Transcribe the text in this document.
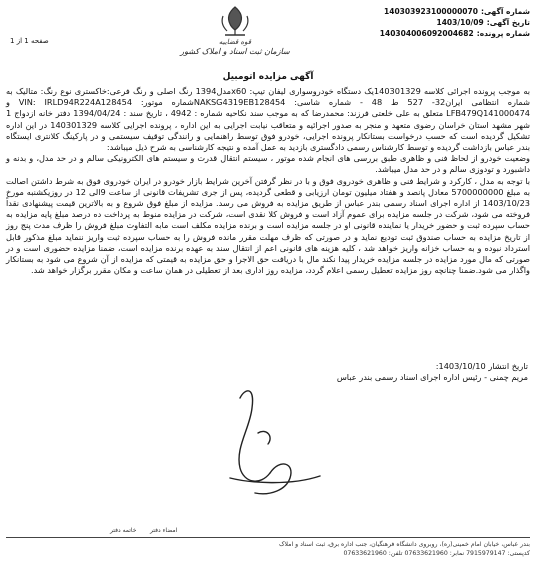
شماره آگهی:
140303923100000070
تاریخ آگهی:
1403/10/09
شماره پرونده:
140304006092004682
صفحه 1 از 1	قوه قضاییه
سازمان ثبت اسناد و املاک کشور
آگهی مزایده اتومبیل

به موجب پرونده اجرائی کلاسه 140301329یک دستگاه خودروسواری لیفان تیپ: x60مدل1394 رنگ اصلی و رنگ فرعی:خاکستری نوع رنگ: متالیک به شماره انتظامی ایران32- 527 ط 48 - شماره شاسی: NAKSG4319EB128454شماره موتور: VIN: IRLD94R224A128454 و LFB479Q141000474 متعلق به علی خلعتی فرزند: محمدرضا که به موجب سند نکاحیه شماره : 4942 ، تاریخ سند : 1394/04/24 دفتر خانه ازدواج 1 شهر مشهد استان خراسان رضوی متعهد و منجر به صدور اجرائیه و متعاقب نیابت اجرایی به این اداره ، پرونده اجرایی کلاسه 140301329 در این اداره تشکیل گردیده است که حسب درخواست بستانکار پرونده اجرایی، خودرو فوق توسط راهنمایی و رانندگی توقیف سیستمی و در پارکینگ کلانتری ایستگاه بندر عباس بازداشت گردیده و توسط کارشناس رسمی دادگستری بازدید به عمل آمده و نتیجه کارشناسی به شرح ذیل میباشد:

وضعیت خودرو از لحاظ فنی و ظاهری طبق بررسی های انجام شده موتور ، سیستم انتقال قدرت و سیستم های الکترونیکی سالم و در حد مدل، و بدنه و داشبورد و تودوزی سالم و در حد مدل میباشد.

با توجه به مدل ، کارکرد و شرایط فنی و ظاهری خودروی فوق و با در نظر گرفتن آخرین شرایط بازار خودرو در ایران خودروی فوق به شرط داشتن اصالت به مبلغ 5700000000 معادل پانصد و هفتاد میلیون تومان ارزیابی و قطعی گردیده، پس از جری تشریفات قانونی از ساعت 9الی 12 در روزیکشنبه مورخ 1403/10/23 از اداره اجرای اسناد رسمی بندر عباس از طریق مزایده به فروش می رسد. مزایده از مبلغ فوق شروع و به بالاترین قیمت پیشنهادی نقداً فروخته می شود، شرکت در جلسه مزایده برای عموم آزاد است و فروش کلا نقدی است، شرکت در مزایده منوط به پرداخت ده درصد مبلغ پایه مزایده به حساب سپرده ثبت و حضور خریدار یا نماینده قانونی او در جلسه مزایده است و برنده مزایده مکلف است مابه التفاوت مبلغ فروش را ظرف مدت پنج روز از تاریخ مزایده به حساب صندوق ثبت تودیع نماید و در صورتی که ظرف مهلت مقرر مانده فروش را به حساب سپرده ثبت واریز ننماید مبلغ مذکور قابل استرداد نبوده و به حساب خزانه واریز خواهد شد ، کلیه هزینه های قانونی اعم از انتقال سند به عهده برنده مزایده است، ضمنا مزایده حضوری است و در صورتی که مال مورد مزایده در جلسه مزایده خریدار پیدا نکند مال با دریافت حق الاجرا و حق مزایده به قیمتی که مزایده از آن شروع می شود به بستانکار واگذار می شود.ضمنا چنانچه روز مزایده تعطیل رسمی اعلام گردد، مزایده روز اداری بعد از تعطیلی در همان ساعت و مکان مقرر برگزار خواهد شد.

تاریخ انتشار 1403/10/10:
مریم چمنی - رئیس اداره اجرای اسناد رسمی بندر عباس
امضاء دفتر
خاتمه دفتر
بندر عباس، خیابان امام خمینی(ره)، روبروی دانشگاه فرهنگیان، جنب اداره برق، ثبت اسناد و املاک
کدپستی: 7915979147 نمابر: 07633621960 تلفن: 07633621960
